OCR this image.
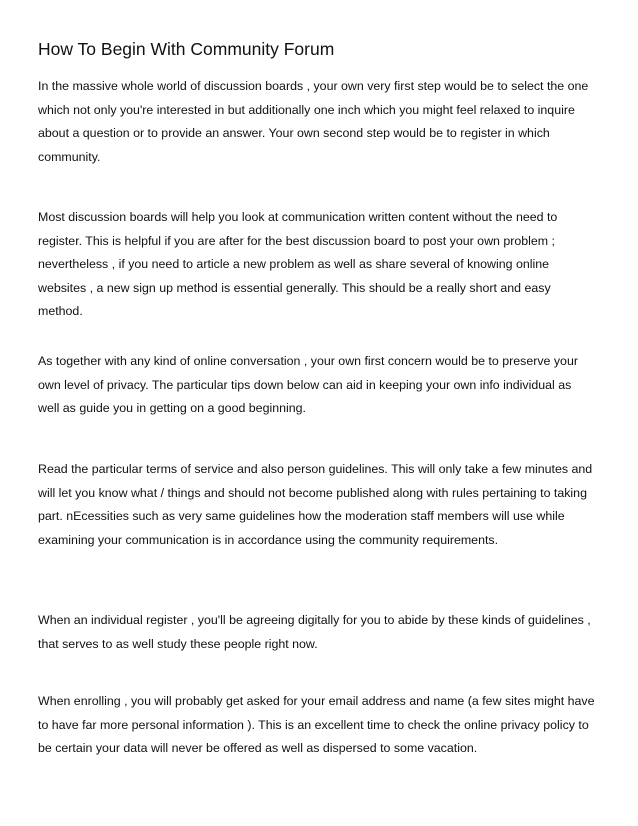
How To Begin With Community Forum

In the massive whole world of discussion boards , your own very first step would be to select the one
which not only you're interested in but additionally one inch which you might feel relaxed to inquire
about a question or to provide an answer. Your own second step would be to register in which
community.

Most discussion boards will help you look at communication written content without the need to
register. This is helpful if you are after for the best discussion board to post your own problem ;
nevertheless , if you need to article a new problem as well as share several of knowing online
websites , a new sign up method is essential generally. This should be a really short and easy
method.

As together with any kind of online conversation , your own first concern would be to preserve your
own level of privacy. The particular tips down below can aid in keeping your own info individual as
well as guide you in getting on a good beginning.

Read the particular terms of service and also person guidelines. This will only take a few minutes and
will let you know what / things and should not become published along with rules pertaining to taking
part. nEcessities such as very same guidelines how the moderation staff members will use while
examining your communication is in accordance using the community requirements.

When an individual register , you'll be agreeing digitally for you to abide by these kinds of guidelines ,
that serves to as well study these people right now.

When enrolling , you will probably get asked for your email address and name (a few sites might have
to have far more personal information ). This is an excellent time to check the online privacy policy to
be certain your data will never be offered as well as dispersed to some vacation.
